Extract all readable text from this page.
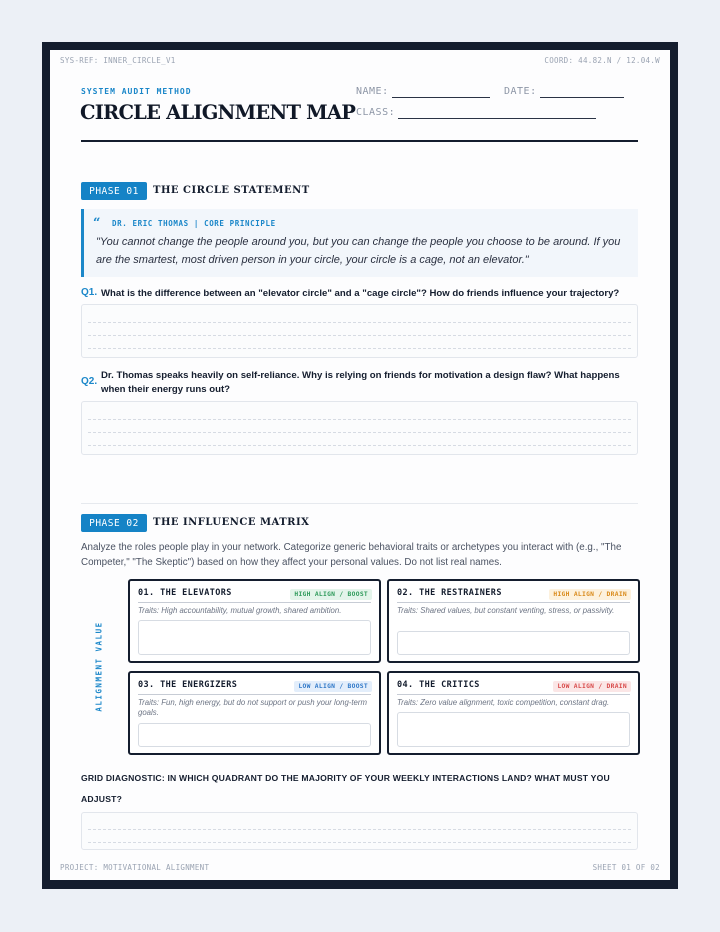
SYS-REF: INNER_CIRCLE_V1	COORD: 44.82.N / 12.04.W
SYSTEM AUDIT METHOD
CIRCLE ALIGNMENT MAP
NAME:	DATE:
CLASS:
PHASE 01	THE CIRCLE STATEMENT
“ DR. ERIC THOMAS | CORE PRINCIPLE
"You cannot change the people around you, but you can change the people you choose to be around. If you are the smartest, most driven person in your circle, your circle is a cage, not an elevator."
Q1. What is the difference between an "elevator circle" and a "cage circle"? How do friends influence your trajectory?
Q2.
Dr. Thomas speaks heavily on self-reliance. Why is relying on friends for motivation a design flaw? What happens when their energy runs out?
PHASE 02	THE INFLUENCE MATRIX
Analyze the roles people play in your network. Categorize generic behavioral traits or archetypes you interact with (e.g., "The Competer," "The Skeptic") based on how they affect your personal values. Do not list real names.
ALIGNMENT VALUE
01. THE ELEVATORS	HIGH ALIGN / BOOST
Traits: High accountability, mutual growth, shared ambition.
02. THE RESTRAINERS	HIGH ALIGN / DRAIN
Traits: Shared values, but constant venting, stress, or passivity.
03. THE ENERGIZERS	LOW ALIGN / BOOST
Traits: Fun, high energy, but do not support or push your long-term goals.
04. THE CRITICS	LOW ALIGN / DRAIN
Traits: Zero value alignment, toxic competition, constant drag.
GRID DIAGNOSTIC: IN WHICH QUADRANT DO THE MAJORITY OF YOUR WEEKLY INTERACTIONS LAND? WHAT MUST YOU ADJUST?
PROJECT: MOTIVATIONAL ALIGNMENT	SHEET 01 OF 02
